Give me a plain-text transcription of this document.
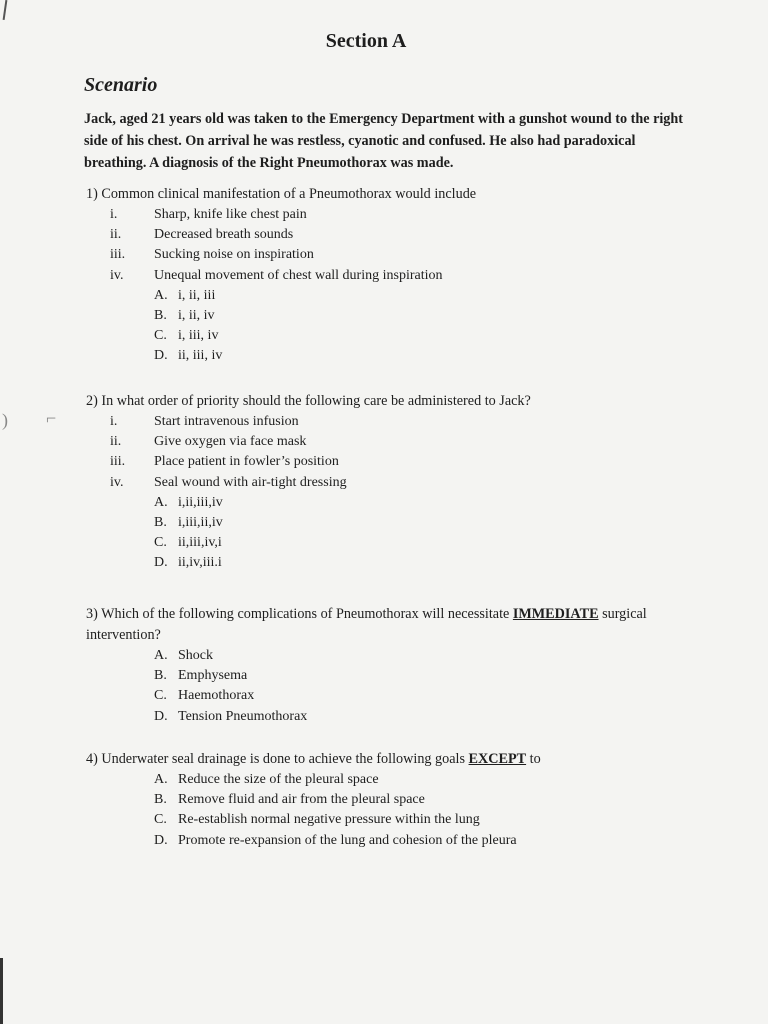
) ⌐
Section A
Scenario

Jack, aged 21 years old was taken to the Emergency Department with a gunshot wound to the right side of his chest. On arrival he was restless, cyanotic and confused. He also had paradoxical breathing. A diagnosis of the Right Pneumothorax was made.

1) Common clinical manifestation of a Pneumothorax would include

i.	Sharp, knife like chest pain
ii.	Decreased breath sounds
iii.	Sucking noise on inspiration
iv.	Unequal movement of chest wall during inspiration
A. i, ii, iii
B. i, ii, iv
C. i, iii, iv
D. ii, iii, iv

2) In what order of priority should the following care be administered to Jack?

i.	Start intravenous infusion
ii.	Give oxygen via face mask
iii.	Place patient in fowler’s position
iv.	Seal wound with air-tight dressing
A. i,ii,iii,iv
B. i,iii,ii,iv
C. ii,iii,iv,i
D. ii,iv,iii.i

3) Which of the following complications of Pneumothorax will necessitate IMMEDIATE surgical intervention?

A. Shock
B. Emphysema
C. Haemothorax
D. Tension Pneumothorax

4) Underwater seal drainage is done to achieve the following goals EXCEPT to

A. Reduce the size of the pleural space
B. Remove fluid and air from the pleural space
C. Re-establish normal negative pressure within the lung
D. Promote re-expansion of the lung and cohesion of the pleura
